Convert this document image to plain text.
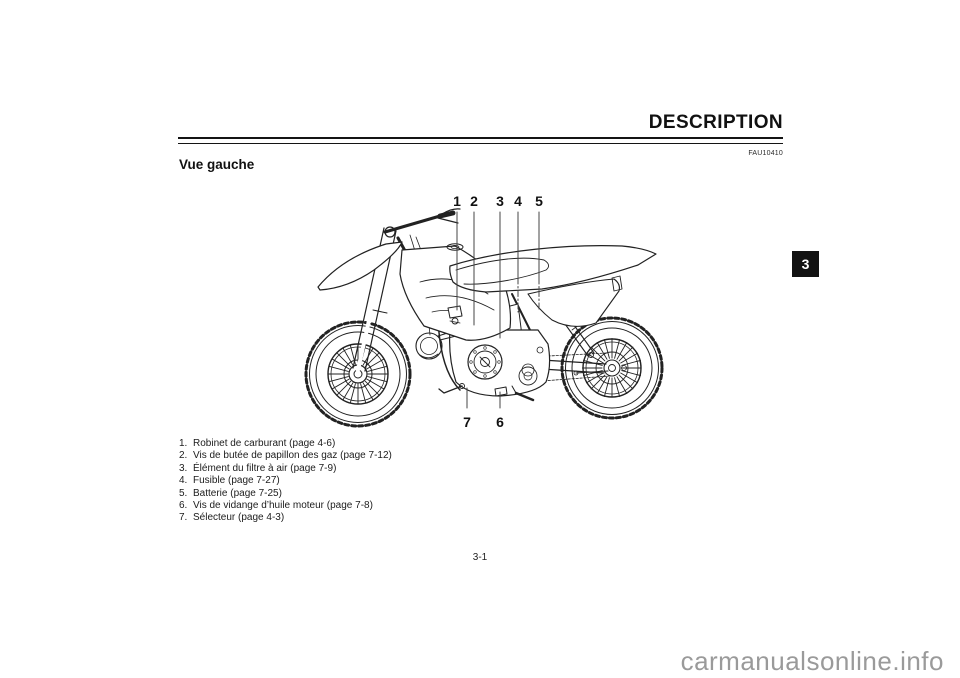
DESCRIPTION
FAU10410
Vue gauche
3
1 2 3 4 5
7 6
1. Robinet de carburant (page 4-6)
2. Vis de butée de papillon des gaz (page 7-12)
3. Élément du filtre à air (page 7-9)
4. Fusible (page 7-27)
5. Batterie (page 7-25)
6. Vis de vidange d’huile moteur (page 7-8)
7. Sélecteur (page 4-3)
3-1
carmanualsonline.info
